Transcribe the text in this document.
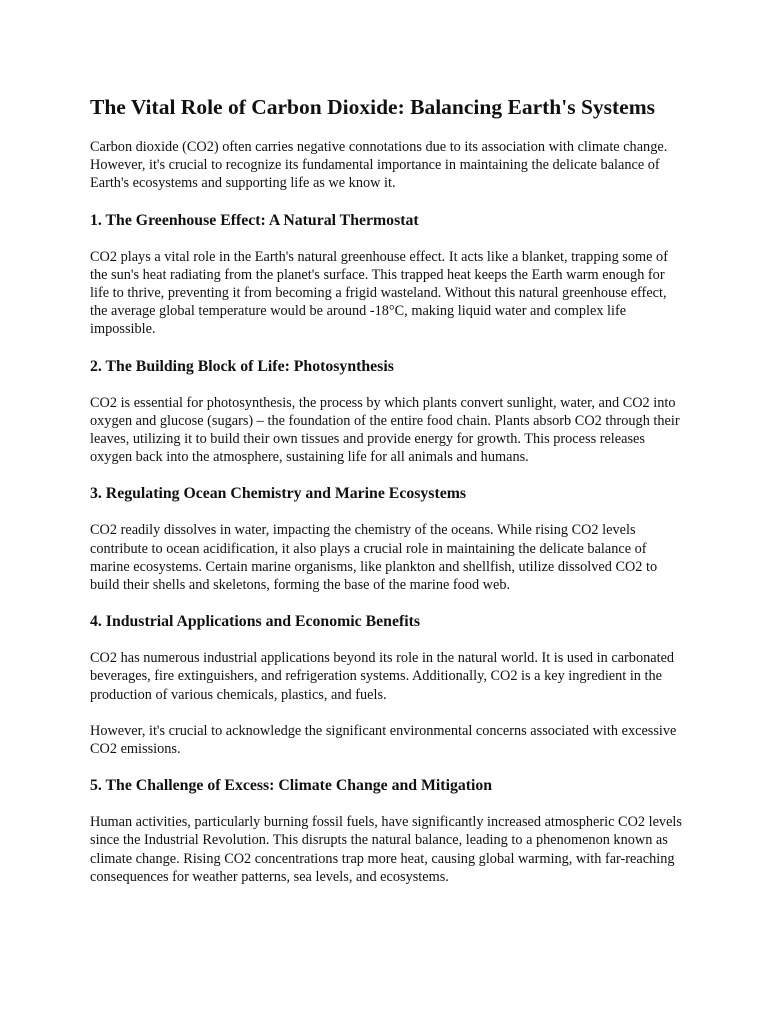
The Vital Role of Carbon Dioxide: Balancing Earth's Systems

Carbon dioxide (CO2) often carries negative connotations due to its association with climate change. However, it's crucial to recognize its fundamental importance in maintaining the delicate balance of Earth's ecosystems and supporting life as we know it.

1. The Greenhouse Effect: A Natural Thermostat

CO2 plays a vital role in the Earth's natural greenhouse effect. It acts like a blanket, trapping some of the sun's heat radiating from the planet's surface. This trapped heat keeps the Earth warm enough for life to thrive, preventing it from becoming a frigid wasteland. Without this natural greenhouse effect, the average global temperature would be around -18°C, making liquid water and complex life impossible.

2. The Building Block of Life: Photosynthesis

CO2 is essential for photosynthesis, the process by which plants convert sunlight, water, and CO2 into oxygen and glucose (sugars) – the foundation of the entire food chain. Plants absorb CO2 through their leaves, utilizing it to build their own tissues and provide energy for growth. This process releases oxygen back into the atmosphere, sustaining life for all animals and humans.

3. Regulating Ocean Chemistry and Marine Ecosystems

CO2 readily dissolves in water, impacting the chemistry of the oceans. While rising CO2 levels contribute to ocean acidification, it also plays a crucial role in maintaining the delicate balance of marine ecosystems. Certain marine organisms, like plankton and shellfish, utilize dissolved CO2 to build their shells and skeletons, forming the base of the marine food web.

4. Industrial Applications and Economic Benefits

CO2 has numerous industrial applications beyond its role in the natural world. It is used in carbonated beverages, fire extinguishers, and refrigeration systems. Additionally, CO2 is a key ingredient in the production of various chemicals, plastics, and fuels.

However, it's crucial to acknowledge the significant environmental concerns associated with excessive CO2 emissions.

5. The Challenge of Excess: Climate Change and Mitigation

Human activities, particularly burning fossil fuels, have significantly increased atmospheric CO2 levels since the Industrial Revolution. This disrupts the natural balance, leading to a phenomenon known as climate change. Rising CO2 concentrations trap more heat, causing global warming, with far-reaching consequences for weather patterns, sea levels, and ecosystems.
